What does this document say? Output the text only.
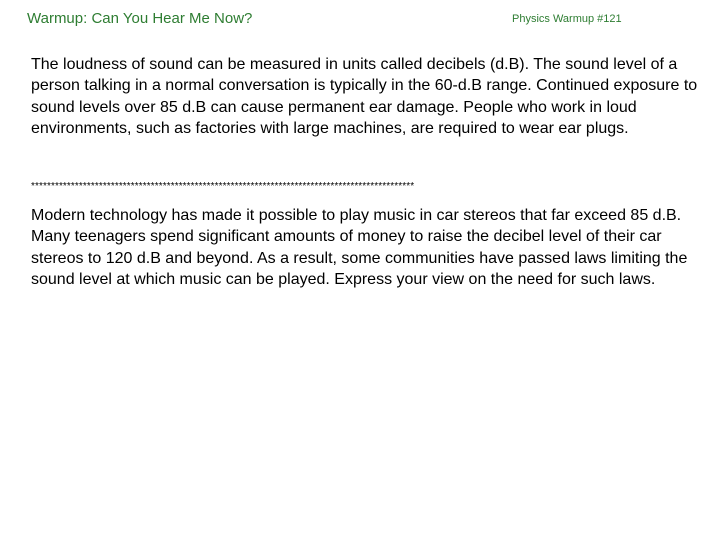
Warmup: Can You Hear Me Now?	Physics Warmup #121

The loudness of sound can be measured in units called decibels (d.B). The sound level of a person talking in a normal conversation is typically in the 60-d.B range. Continued exposure to sound levels over 85 d.B can cause permanent ear damage. People who work in loud environments, such as factories with large machines, are required to wear ear plugs.

************************************************************************************************

Modern technology has made it possible to play music in car stereos that far exceed 85 d.B. Many teenagers spend significant amounts of money to raise the decibel level of their car stereos to 120 d.B and beyond. As a result, some communities have passed laws limiting the sound level at which music can be played. Express your view on the need for such laws.
